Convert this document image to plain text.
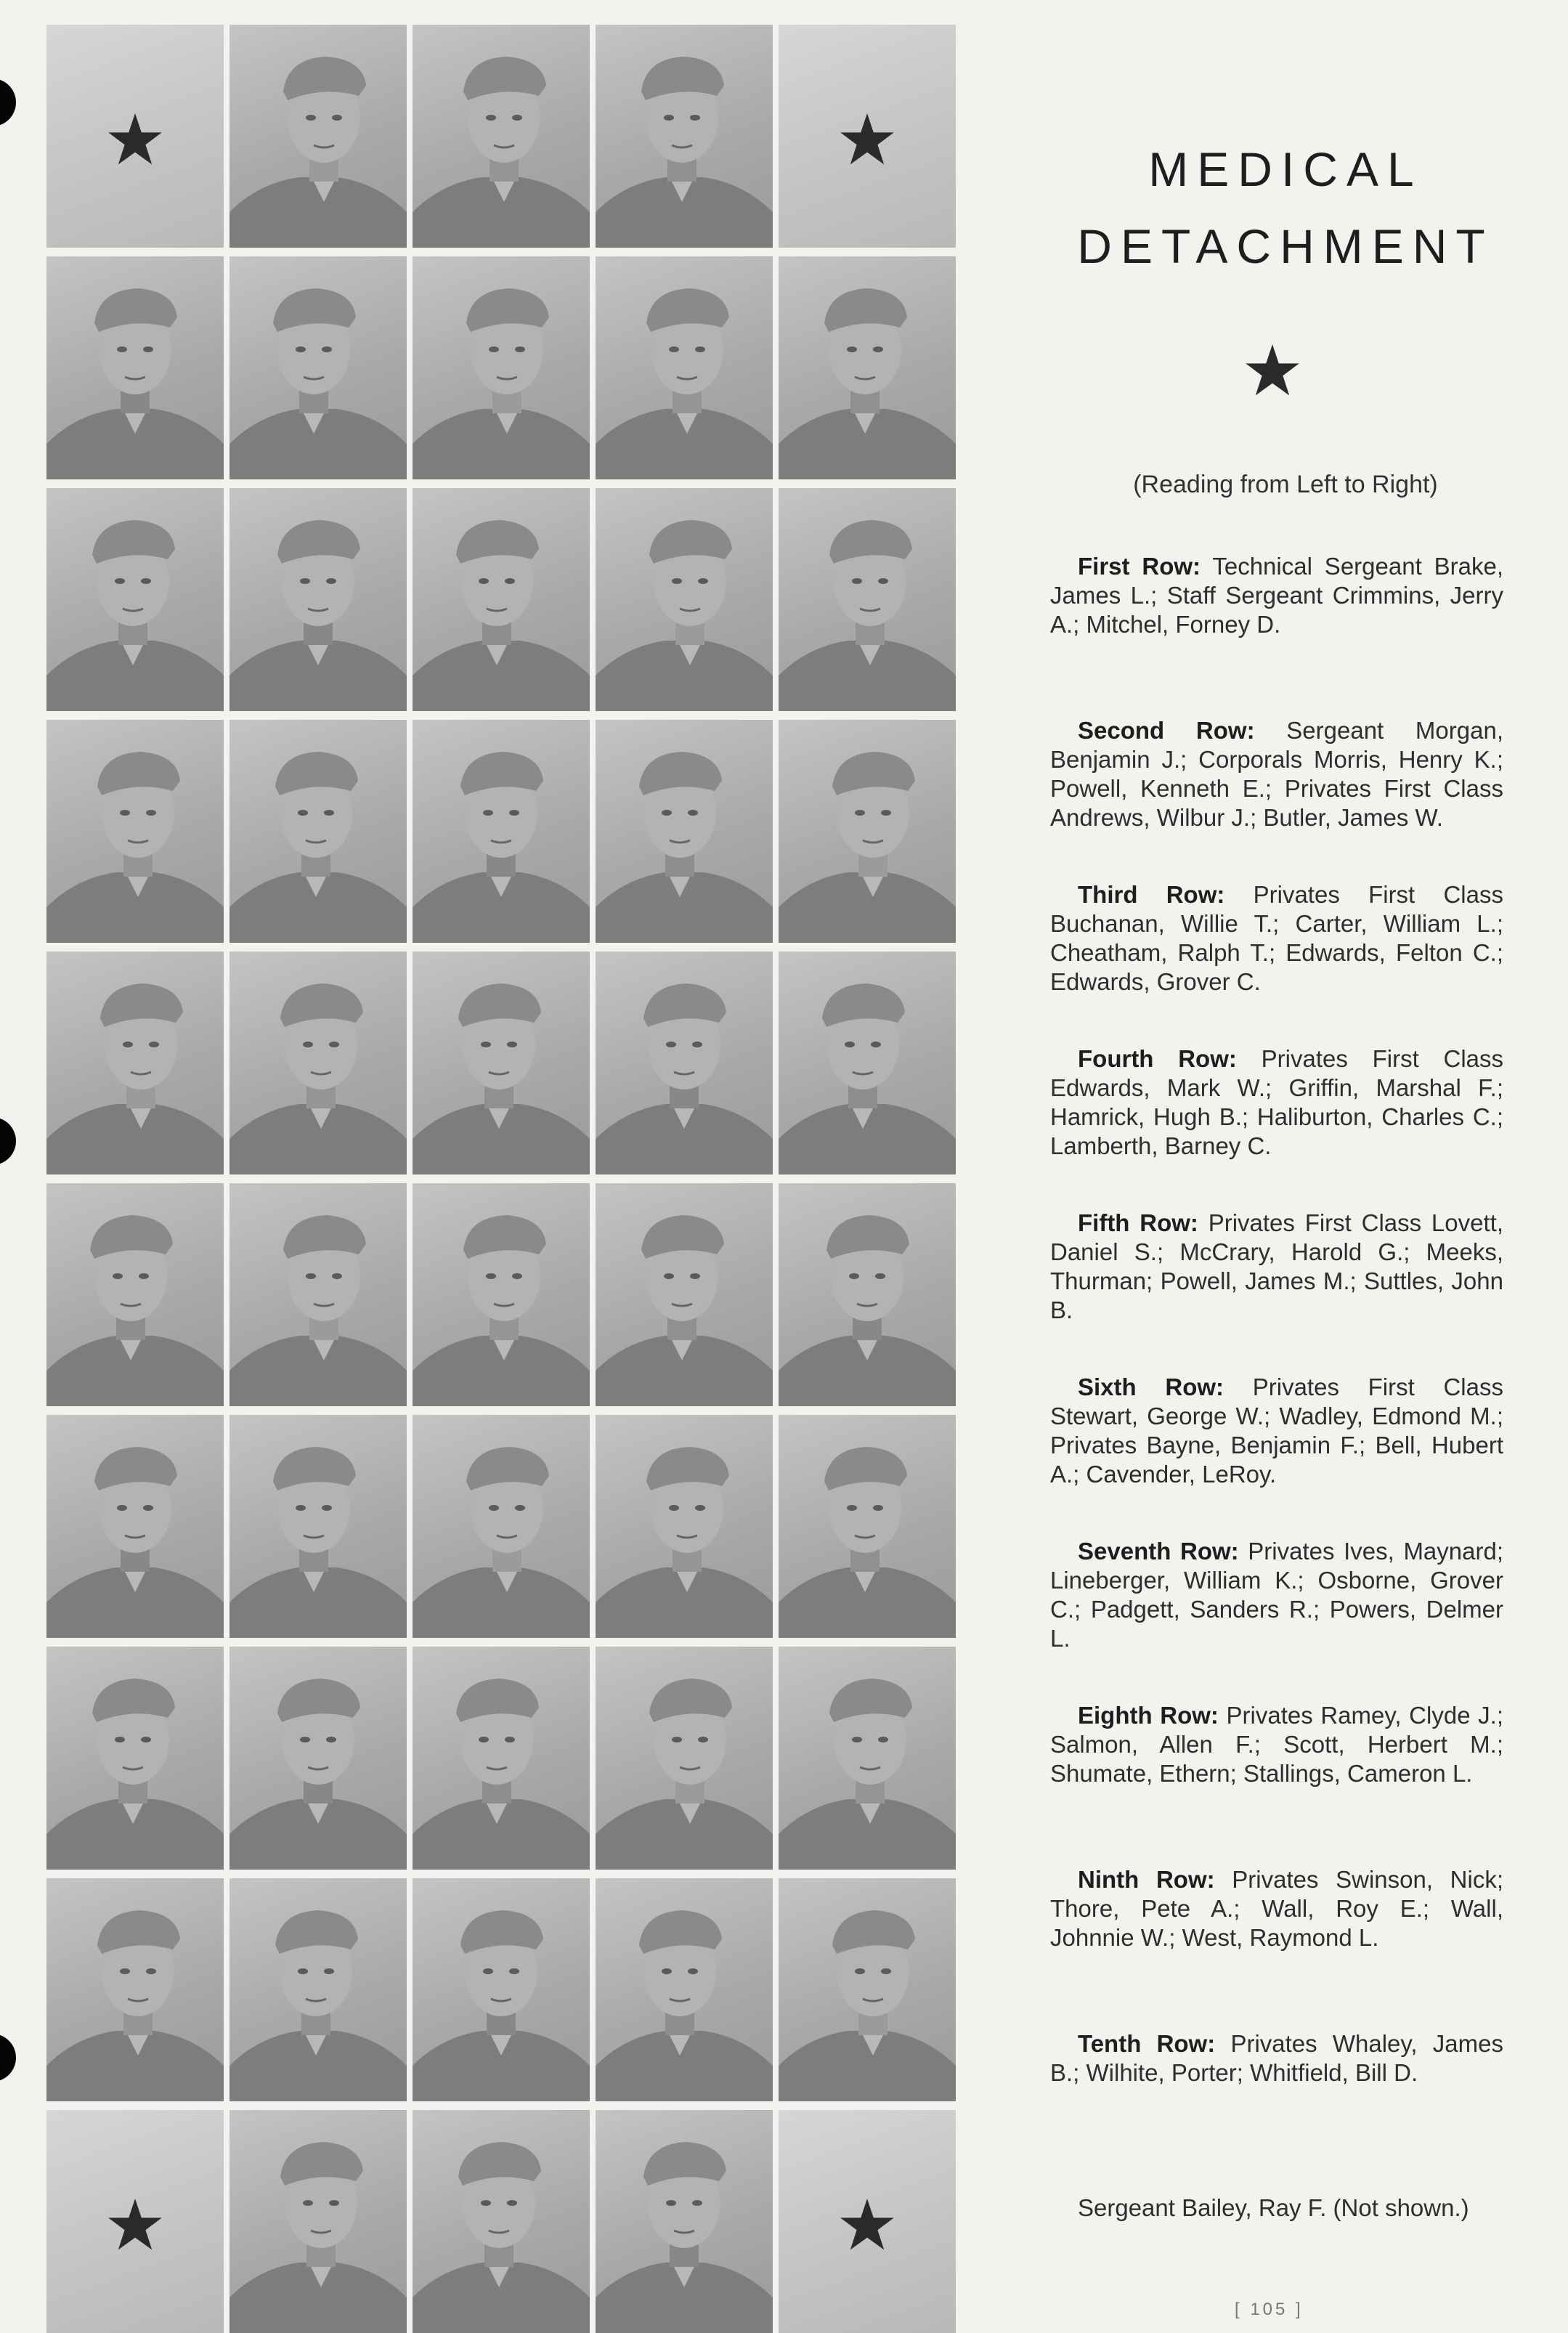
MEDICAL
DETACHMENT
(Reading from Left to Right)

First Row: Technical Sergeant Brake, James L.; Staff Sergeant Crimmins, Jerry A.; Mitchel, Forney D.

Second Row: Sergeant Morgan, Benjamin J.; Corporals Morris, Henry K.; Powell, Kenneth E.; Privates First Class Andrews, Wilbur J.; Butler, James W.

Third Row: Privates First Class Buchanan, Willie T.; Carter, William L.; Cheatham, Ralph T.; Edwards, Felton C.; Edwards, Grover C.

Fourth Row: Privates First Class Edwards, Mark W.; Griffin, Marshal F.; Hamrick, Hugh B.; Haliburton, Charles C.; Lamberth, Barney C.

Fifth Row: Privates First Class Lovett, Daniel S.; McCrary, Harold G.; Meeks, Thurman; Powell, James M.; Suttles, John B.

Sixth Row: Privates First Class Stewart, George W.; Wadley, Edmond M.; Privates Bayne, Benjamin F.; Bell, Hubert A.; Cavender, LeRoy.

Seventh Row: Privates Ives, Maynard; Lineberger, William K.; Osborne, Grover C.; Padgett, Sanders R.; Powers, Delmer L.

Eighth Row: Privates Ramey, Clyde J.; Salmon, Allen F.; Scott, Herbert M.; Shumate, Ethern; Stallings, Cameron L.

Ninth Row: Privates Swinson, Nick; Thore, Pete A.; Wall, Roy E.; Wall, Johnnie W.; West, Raymond L.

Tenth Row: Privates Whaley, James B.; Wilhite, Porter; Whitfield, Bill D.

Sergeant Bailey, Ray F. (Not shown.)

[ 105 ]
